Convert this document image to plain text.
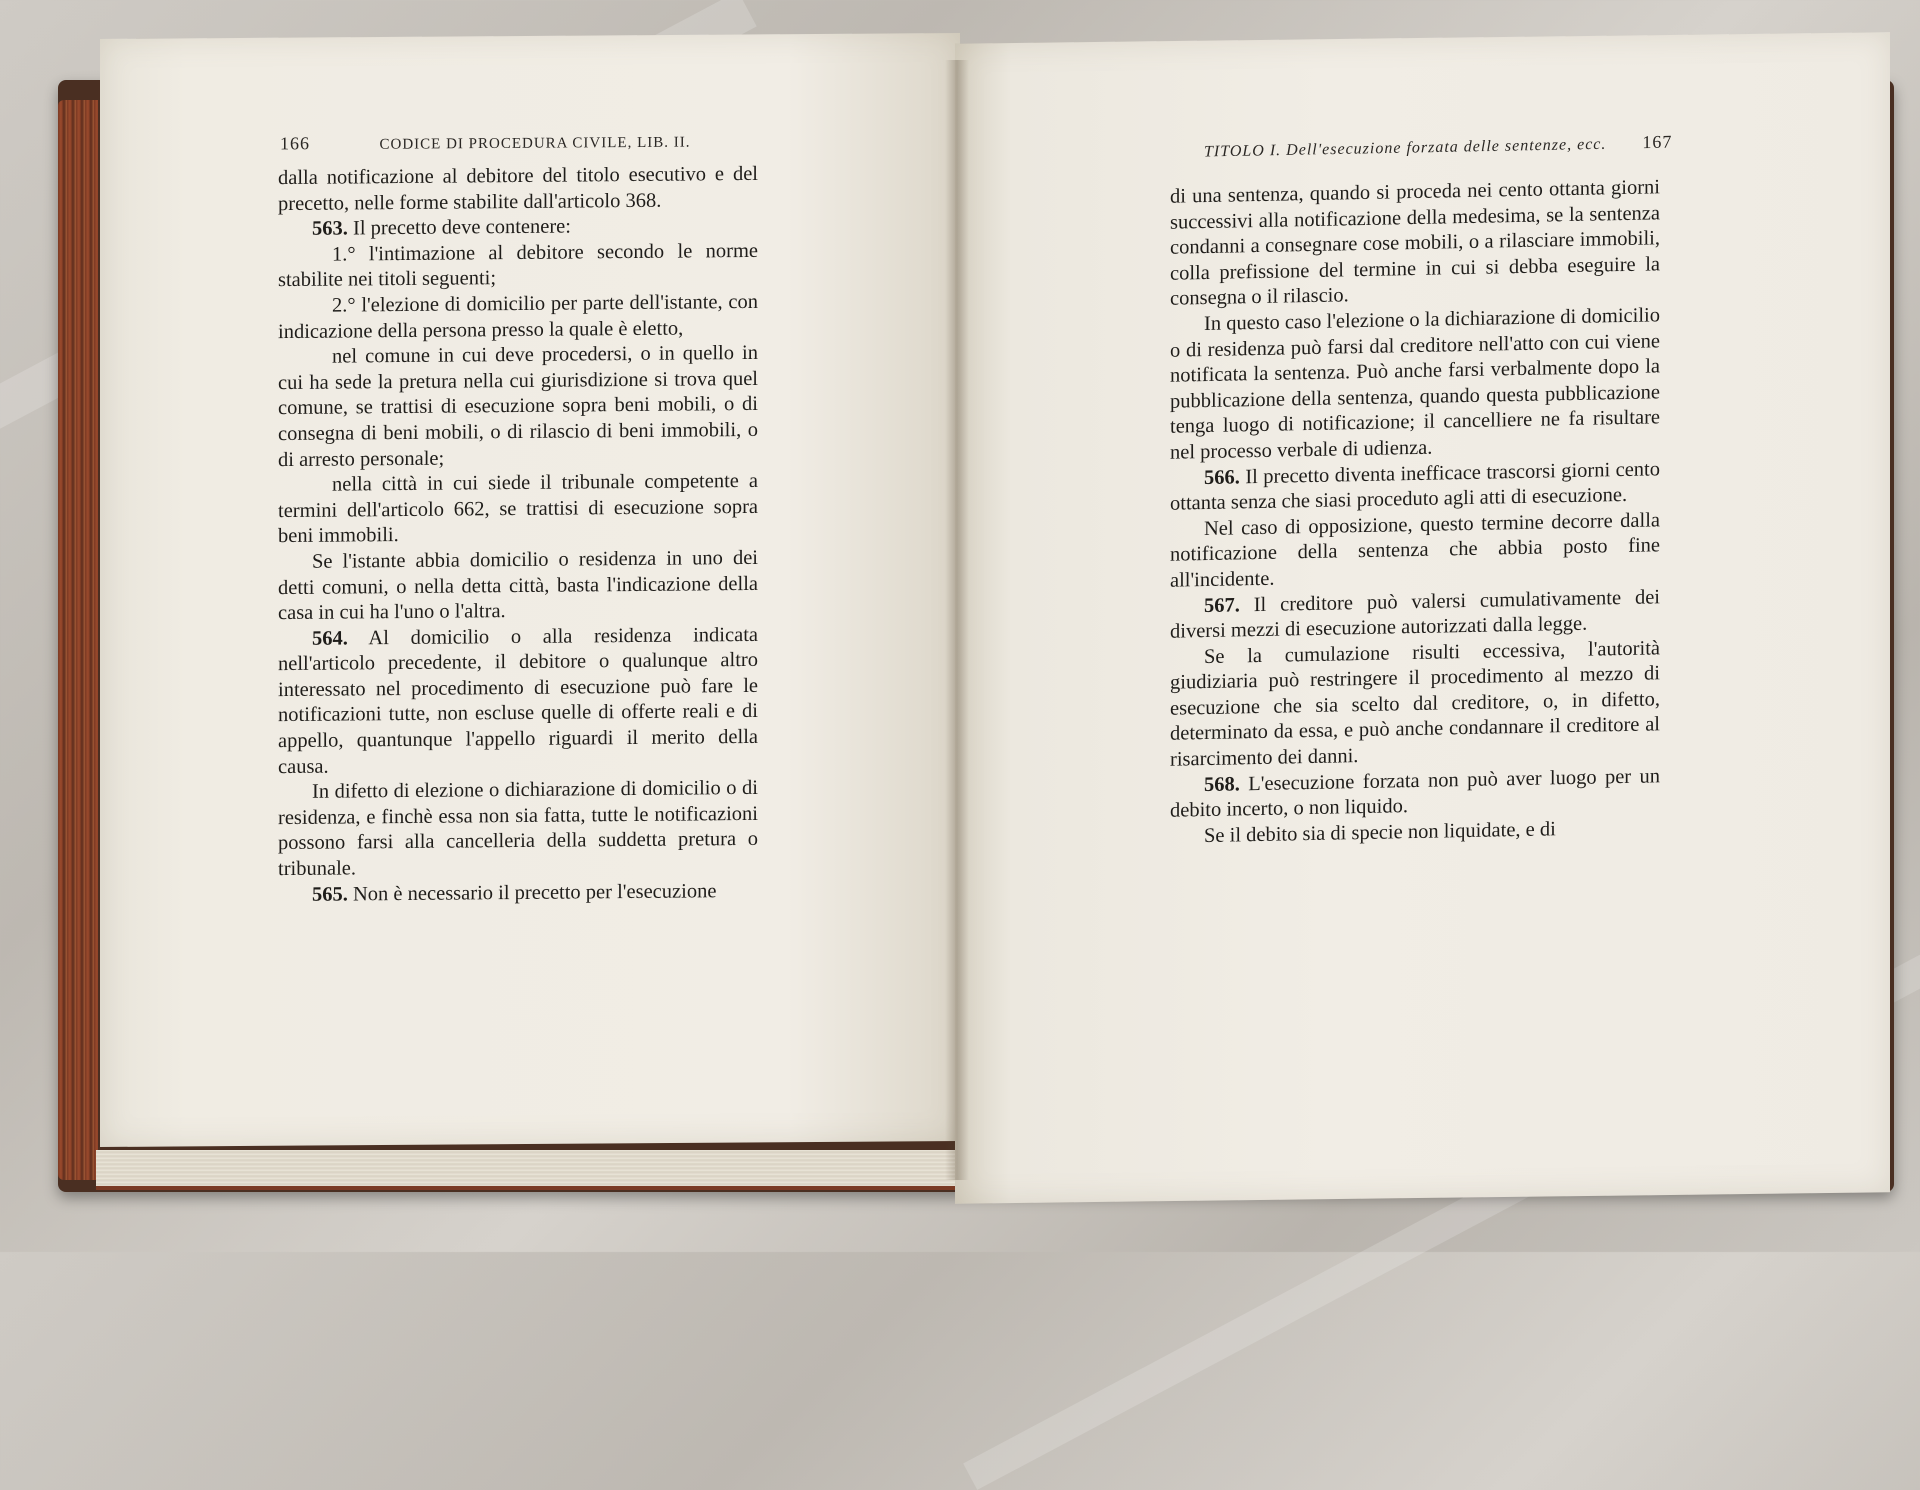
166	CODICE DI PROCEDURA CIVILE, LIB. II.	TITOLO I. Dell'esecuzione forzata delle sentenze, ecc. 167

dalla notificazione al debitore del titolo esecutivo e del precetto, nelle forme stabilite dall'articolo 368.

563. Il precetto deve contenere:

1.° l'intimazione al debitore secondo le norme stabilite nei titoli seguenti;

2.° l'elezione di domicilio per parte dell'istante, con indicazione della persona presso la quale è eletto,

nel comune in cui deve procedersi, o in quello in cui ha sede la pretura nella cui giurisdizione si trova quel comune, se trattisi di esecuzione sopra beni mobili, o di consegna di beni mobili, o di rilascio di beni immobili, o di arresto personale;

nella città in cui siede il tribunale competente a termini dell'articolo 662, se trattisi di esecuzione sopra beni immobili.

Se l'istante abbia domicilio o residenza in uno dei detti comuni, o nella detta città, basta l'indicazione della casa in cui ha l'uno o l'altra.

564. Al domicilio o alla residenza indicata nell'articolo precedente, il debitore o qualunque altro interessato nel procedimento di esecuzione può fare le notificazioni tutte, non escluse quelle di offerte reali e di appello, quantunque l'appello riguardi il merito della causa.

In difetto di elezione o dichiarazione di domicilio o di residenza, e finchè essa non sia fatta, tutte le notificazioni possono farsi alla cancelleria della suddetta pretura o tribunale.

565. Non è necessario il precetto per l'esecuzione

di una sentenza, quando si proceda nei cento ottanta giorni successivi alla notificazione della medesima, se la sentenza condanni a consegnare cose mobili, o a rilasciare immobili, colla prefissione del termine in cui si debba eseguire la consegna o il rilascio.

In questo caso l'elezione o la dichiarazione di domicilio o di residenza può farsi dal creditore nell'atto con cui viene notificata la sentenza. Può anche farsi verbalmente dopo la pubblicazione della sentenza, quando questa pubblicazione tenga luogo di notificazione; il cancelliere ne fa risultare nel processo verbale di udienza.

566. Il precetto diventa inefficace trascorsi giorni cento ottanta senza che siasi proceduto agli atti di esecuzione.

Nel caso di opposizione, questo termine decorre dalla notificazione della sentenza che abbia posto fine all'incidente.

567. Il creditore può valersi cumulativamente dei diversi mezzi di esecuzione autorizzati dalla legge.

Se la cumulazione risulti eccessiva, l'autorità giudiziaria può restringere il procedimento al mezzo di esecuzione che sia scelto dal creditore, o, in difetto, determinato da essa, e può anche condannare il creditore al risarcimento dei danni.

568. L'esecuzione forzata non può aver luogo per un debito incerto, o non liquido.

Se il debito sia di specie non liquidate, e di
